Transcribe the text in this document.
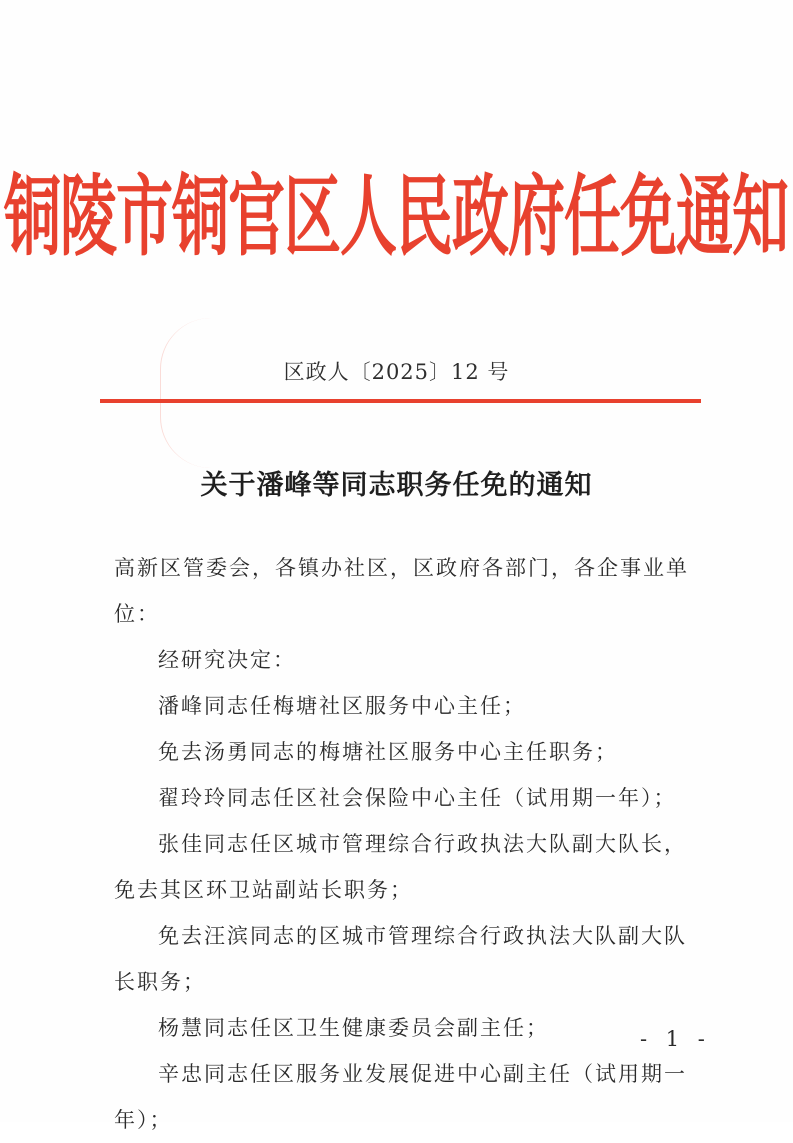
铜陵市铜官区人民政府任免通知
区政人〔2025〕12 号
关于潘峰等同志职务任免的通知

高新区管委会，各镇办社区，区政府各部门，各企事业单位：

经研究决定：

潘峰同志任梅塘社区服务中心主任；

免去汤勇同志的梅塘社区服务中心主任职务；

翟玲玲同志任区社会保险中心主任（试用期一年）；

张佳同志任区城市管理综合行政执法大队副大队长，免去其区环卫站副站长职务；

免去汪滨同志的区城市管理综合行政执法大队副大队长职务；

杨慧同志任区卫生健康委员会副主任；

辛忠同志任区服务业发展促进中心副主任（试用期一年）；

- 1 -
